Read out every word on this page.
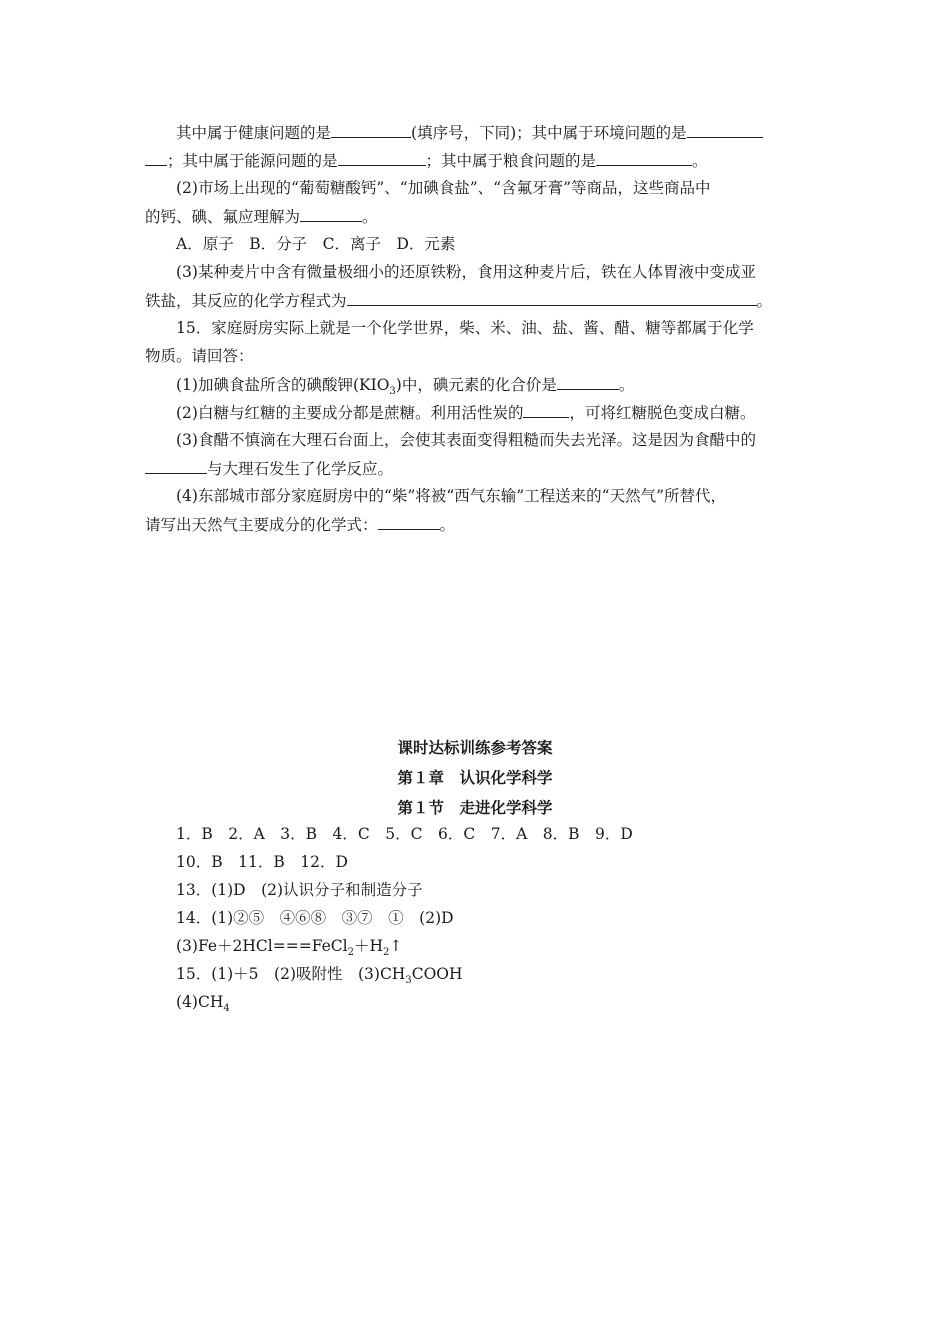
其中属于健康问题的是	(填序号，下同)；其中属于环境问题的是
；其中属于能源问题的是	；其中属于粮食问题的是	。
(2)市场上出现的“葡萄糖酸钙”、“加碘食盐”、“含氟牙膏”等商品，这些商品中
的钙、碘、氟应理解为	。
A．原子　B．分子　C．离子　D．元素
(3)某种麦片中含有微量极细小的还原铁粉，食用这种麦片后，铁在人体胃液中变成亚
铁盐，其反应的化学方程式为	。
15．家庭厨房实际上就是一个化学世界，柴、米、油、盐、酱、醋、糖等都属于化学
物质。请回答：
(1)加碘食盐所含的碘酸钾$(KIO_3)$中，碘元素的化合价是	。
(2)白糖与红糖的主要成分都是蔗糖。利用活性炭的	，可将红糖脱色变成白糖。
(3)食醋不慎滴在大理石台面上，会使其表面变得粗糙而失去光泽。这是因为食醋中的
与大理石发生了化学反应。
(4)东部城市部分家庭厨房中的“柴”将被“西气东输”工程送来的“天然气”所替代，
请写出天然气主要成分的化学式：	。
课时达标训练参考答案
第１章　认识化学科学
第１节　走进化学科学
1．B　2．A　3．B　4．C　5．C　6．C　7．A　8．B　9．D
10．B　11．B　12．D
13．(1)D　(2)认识分子和制造分子
14．(1)②⑤　④⑥⑧　③⑦　①　(2)D
$(3)Fe+2HCl===FeCl_2+H_2↑$
15．(1)＋5　(2)吸附性　$(3)CH_3COOH$
$(4)CH_4$
